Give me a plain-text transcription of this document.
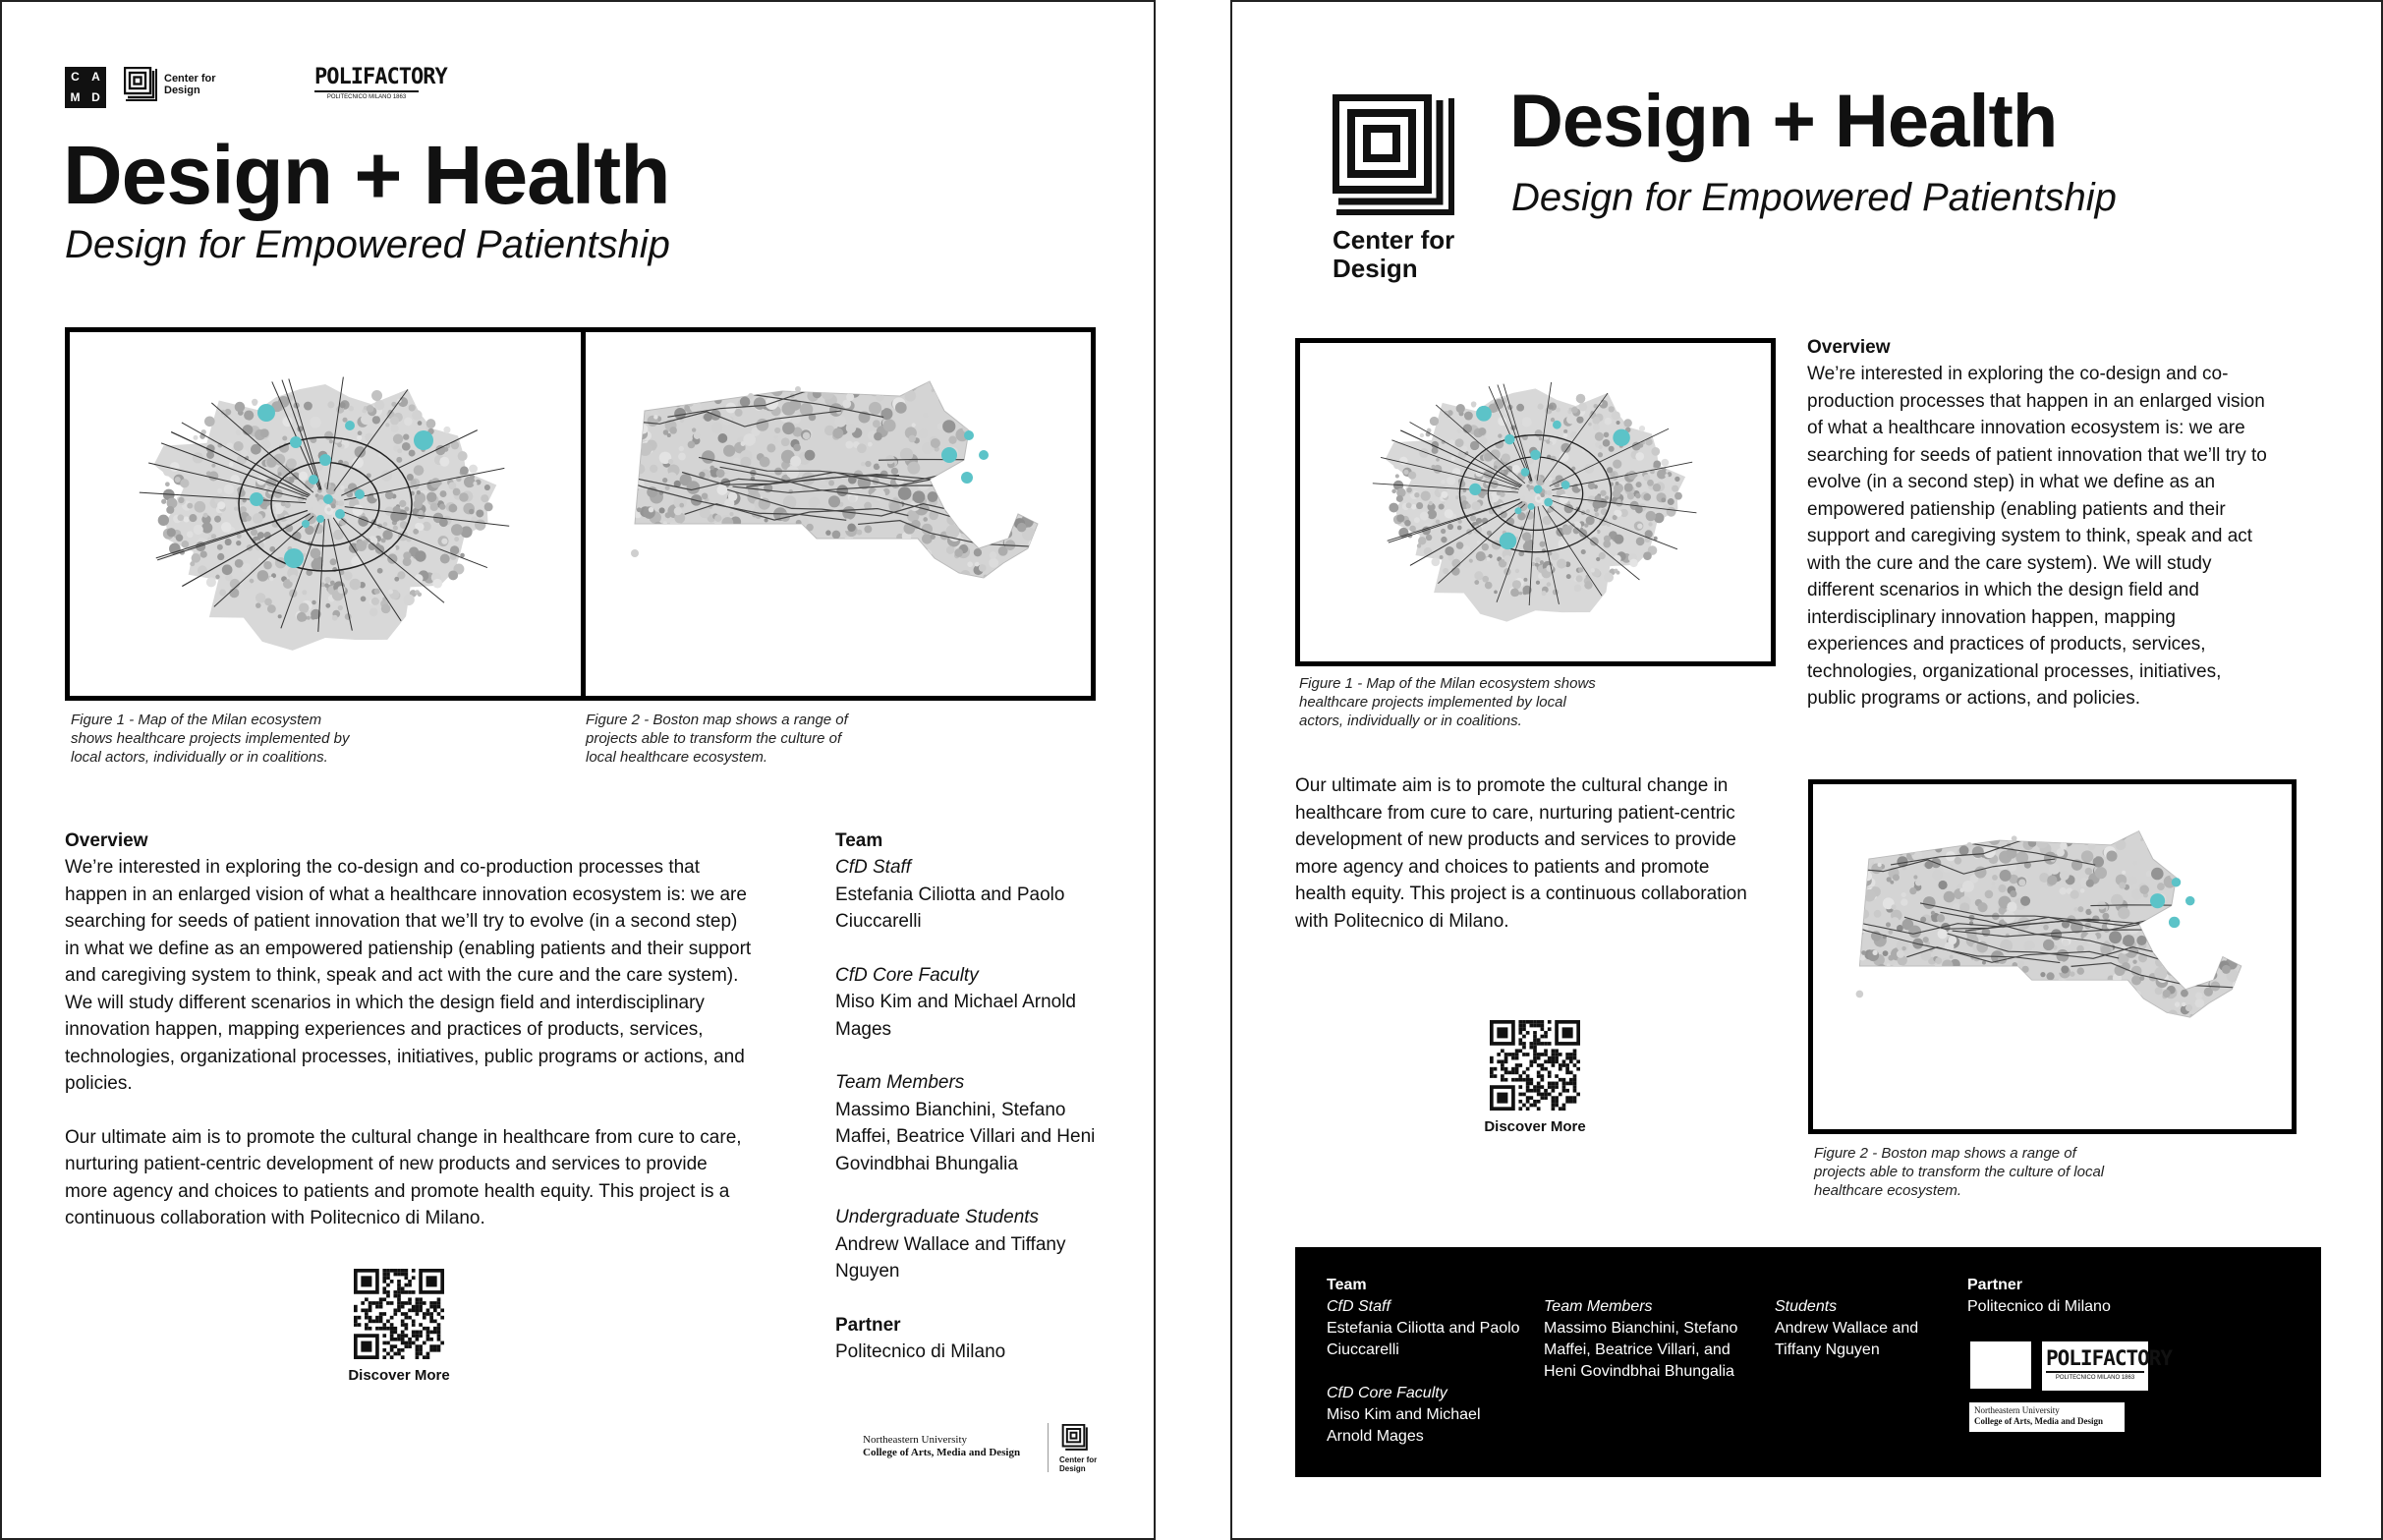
C	A
M D
Center for Design
POLIFACTORY
POLITECNICO MILANO 1863
Design + Health
Design for Empowered Patientship
Figure 1 - Map of the Milan ecosystem shows healthcare projects implemented by local actors, individually or in coalitions.
Figure 2 - Boston map shows a range of projects able to transform the culture of local healthcare ecosystem.
Overview
We’re interested in exploring the co-design and co-production processes that happen in an enlarged vision of what a healthcare innovation ecosystem is: we are searching for seeds of patient innovation that we’ll try to evolve (in a second step) in what we define as an empowered patienship (enabling patients and their support and caregiving system to think, speak and act with the cure and the care system). We will study different scenarios in which the design field and interdisciplinary innovation happen, mapping experiences and practices of products, services, technologies, organizational processes, initiatives, public programs or actions, and policies.
Our ultimate aim is to promote the cultural change in healthcare from cure to care, nurturing patient-centric development of new products and services to provide more agency and choices to patients and promote health equity. This project is a continuous collaboration with Politecnico di Milano.
Discover More
Team
CfD Staff
Estefania Ciliotta and Paolo Ciuccarelli
CfD Core Faculty
Miso Kim and Michael Arnold Mages
Team Members
Massimo Bianchini, Stefano Maffei, Beatrice Villari and Heni Govindbhai Bhungalia
Undergraduate Students
Andrew Wallace and Tiffany Nguyen
Partner
Politecnico di Milano
Northeastern University
College of Arts, Media and Design
Center for Design
Center for Design
Design + Health
Design for Empowered Patientship
Figure 1 - Map of the Milan ecosystem shows healthcare projects implemented by local actors, individually or in coalitions.
Overview
We’re interested in exploring the co-design and co-production processes that happen in an enlarged vision of what a healthcare innovation ecosystem is: we are searching for seeds of patient innovation that we’ll try to evolve (in a second step) in what we define as an empowered patienship (enabling patients and their support and caregiving system to think, speak and act with the cure and the care system). We will study different scenarios in which the design field and interdisciplinary innovation happen, mapping experiences and practices of products, services, technologies, organizational processes, initiatives, public programs or actions, and policies.
Our ultimate aim is to promote the cultural change in healthcare from cure to care, nurturing patient-centric development of new products and services to provide more agency and choices to patients and promote health equity. This project is a continuous collaboration with Politecnico di Milano.
Discover More
Figure 2 - Boston map shows a range of projects able to transform the culture of local healthcare ecosystem.
Team
CfD Staff
Estefania Ciliotta and Paolo Ciuccarelli
CfD Core Faculty
Miso Kim and Michael Arnold Mages
Team Members
Massimo Bianchini, Stefano Maffei, Beatrice Villari, and Heni Govindbhai Bhungalia
Students
Andrew Wallace and Tiffany Nguyen
Partner
Politecnico di Milano
POLIFACTORY
POLITECNICO MILANO 1863
Northeastern University
College of Arts, Media and Design
